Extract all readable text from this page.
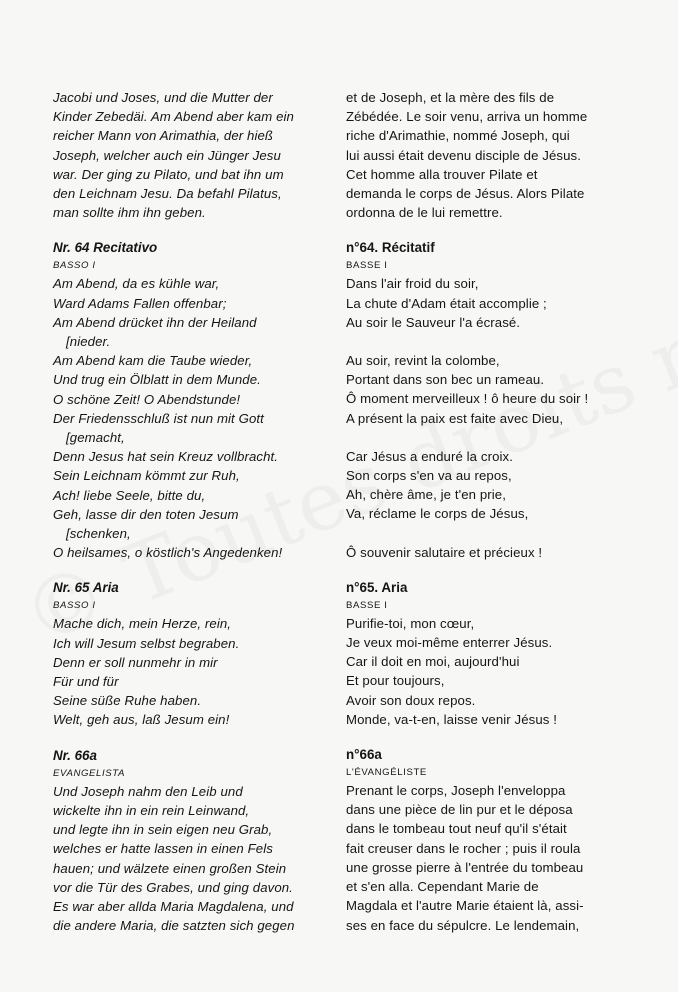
Jacobi und Joses, und die Mutter der
Kinder Zebedäi. Am Abend aber kam ein
reicher Mann von Arimathia, der hieß
Joseph, welcher auch ein Jünger Jesu
war. Der ging zu Pilato, und bat ihn um
den Leichnam Jesu. Da befahl Pilatus,
man sollte ihm ihn geben.
Nr. 64 Recitativo
BASSO I
Am Abend, da es kühle war,
Ward Adams Fallen offenbar;
Am Abend drücket ihn der Heiland
[nieder.
Am Abend kam die Taube wieder,
Und trug ein Ölblatt in dem Munde.
O schöne Zeit! O Abendstunde!
Der Friedensschluß ist nun mit Gott
[gemacht,
Denn Jesus hat sein Kreuz vollbracht.
Sein Leichnam kömmt zur Ruh,
Ach! liebe Seele, bitte du,
Geh, lasse dir den toten Jesum
[schenken,
O heilsames, o köstlich's Angedenken!
Nr. 65 Aria
BASSO I
Mache dich, mein Herze, rein,
Ich will Jesum selbst begraben.
Denn er soll nunmehr in mir
Für und für
Seine süße Ruhe haben.
Welt, geh aus, laß Jesum ein!
Nr. 66a
EVANGELISTA
Und Joseph nahm den Leib und
wickelte ihn in ein rein Leinwand,
und legte ihn in sein eigen neu Grab,
welches er hatte lassen in einen Fels
hauen; und wälzete einen großen Stein
vor die Tür des Grabes, und ging davon.
Es war aber allda Maria Magdalena, und
die andere Maria, die satzten sich gegen
et de Joseph, et la mère des fils de
Zébédée. Le soir venu, arriva un homme
riche d'Arimathie, nommé Joseph, qui
lui aussi était devenu disciple de Jésus.
Cet homme alla trouver Pilate et
demanda le corps de Jésus. Alors Pilate
ordonna de le lui remettre.
n°64. Récitatif
BASSE I
Dans l'air froid du soir,
La chute d'Adam était accomplie ;
Au soir le Sauveur l'a écrasé.
Au soir, revint la colombe,
Portant dans son bec un rameau.
Ô moment merveilleux ! ô heure du soir !
A présent la paix est faite avec Dieu,
Car Jésus a enduré la croix.
Son corps s'en va au repos,
Ah, chère âme, je t'en prie,
Va, réclame le corps de Jésus,
Ô souvenir salutaire et précieux !
n°65. Aria
BASSE I
Purifie-toi, mon cœur,
Je veux moi-même enterrer Jésus.
Car il doit en moi, aujourd'hui
Et pour toujours,
Avoir son doux repos.
Monde, va-t-en, laisse venir Jésus !
n°66a
L'ÉVANGÉLISTE
Prenant le corps, Joseph l'enveloppa
dans une pièce de lin pur et le déposa
dans le tombeau tout neuf qu'il s'était
fait creuser dans le rocher ; puis il roula
une grosse pierre à l'entrée du tombeau
et s'en alla. Cependant Marie de
Magdala et l'autre Marie étaient là, assi-
ses en face du sépulcre. Le lendemain,
